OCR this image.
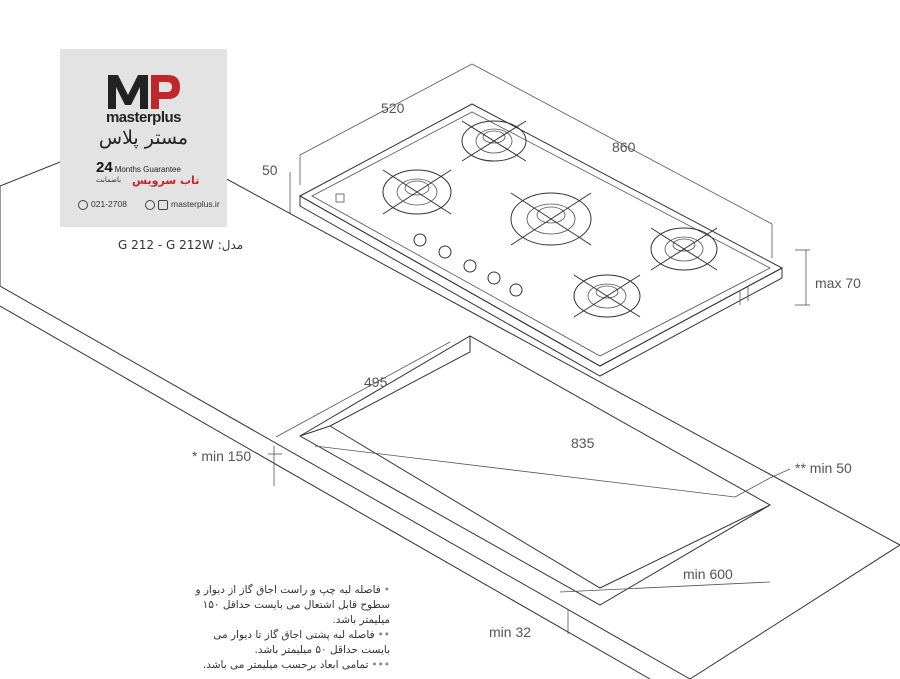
520
860
50
max 70
495
835
* min 150
** min 50
min 600
min 32
masterplus
مستر پلاس
24 Months Guarantee
باضمانت تاب سرویس
021-2708	masterplus.ir
مدل: G 212 - G 212W
•فاصله لبه چپ و راست اجاق گاز از دیوار و سطوح قابل اشتعال می بایست حداقل ۱۵۰ میلیمتر باشد.
••فاصله لبه پشتی اجاق گاز تا دیوار می بایست حداقل ۵۰ میلیمتر باشد.
•••تمامی ابعاد برحسب میلیمتر می باشد.
